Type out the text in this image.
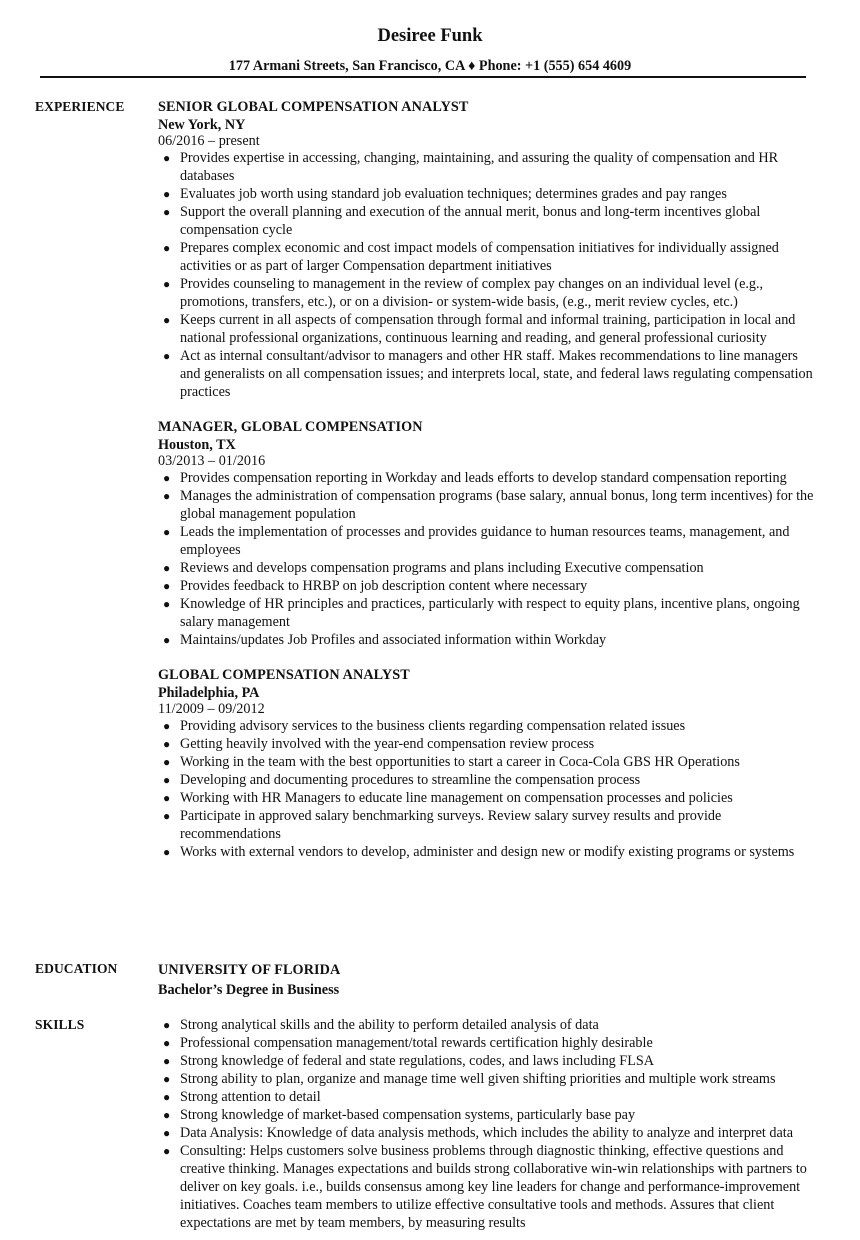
Desiree Funk
177 Armani Streets, San Francisco, CA ♦ Phone: +1 (555) 654 4609
EXPERIENCE SENIOR GLOBAL COMPENSATION ANALYST
New York, NY
06/2016 – present
● Provides expertise in accessing, changing, maintaining, and assuring the quality of compensation and HR databases
● Evaluates job worth using standard job evaluation techniques; determines grades and pay ranges
● Support the overall planning and execution of the annual merit, bonus and long-term incentives global compensation cycle
● Prepares complex economic and cost impact models of compensation initiatives for individually assigned activities or as part of larger Compensation department initiatives
● Provides counseling to management in the review of complex pay changes on an individual level (e.g., promotions, transfers, etc.), or on a division- or system-wide basis, (e.g., merit review cycles, etc.)
● Keeps current in all aspects of compensation through formal and informal training, participation in local and national professional organizations, continuous learning and reading, and general professional curiosity
● Act as internal consultant/advisor to managers and other HR staff. Makes recommendations to line managers and generalists on all compensation issues; and interprets local, state, and federal laws regulating compensation practices
MANAGER, GLOBAL COMPENSATION
Houston, TX
03/2013 – 01/2016
● Provides compensation reporting in Workday and leads efforts to develop standard compensation reporting
● Manages the administration of compensation programs (base salary, annual bonus, long term incentives) for the global management population
● Leads the implementation of processes and provides guidance to human resources teams, management, and employees
● Reviews and develops compensation programs and plans including Executive compensation
● Provides feedback to HRBP on job description content where necessary
● Knowledge of HR principles and practices, particularly with respect to equity plans, incentive plans, ongoing salary management
● Maintains/updates Job Profiles and associated information within Workday
GLOBAL COMPENSATION ANALYST
Philadelphia, PA
11/2009 – 09/2012
● Providing advisory services to the business clients regarding compensation related issues
● Getting heavily involved with the year-end compensation review process
● Working in the team with the best opportunities to start a career in Coca-Cola GBS HR Operations
● Developing and documenting procedures to streamline the compensation process
● Working with HR Managers to educate line management on compensation processes and policies
● Participate in approved salary benchmarking surveys. Review salary survey results and provide recommendations
● Works with external vendors to develop, administer and design new or modify existing programs or systems
EDUCATION	UNIVERSITY OF FLORIDA
Bachelor’s Degree in Business
SKILLS	● Strong analytical skills and the ability to perform detailed analysis of data
● Professional compensation management/total rewards certification highly desirable
● Strong knowledge of federal and state regulations, codes, and laws including FLSA
● Strong ability to plan, organize and manage time well given shifting priorities and multiple work streams
● Strong attention to detail
● Strong knowledge of market-based compensation systems, particularly base pay
● Data Analysis: Knowledge of data analysis methods, which includes the ability to analyze and interpret data
● Consulting: Helps customers solve business problems through diagnostic thinking, effective questions and creative thinking. Manages expectations and builds strong collaborative win-win relationships with partners to deliver on key goals. i.e., builds consensus among key line leaders for change and performance-improvement initiatives. Coaches team members to utilize effective consultative tools and methods. Assures that client expectations are met by team members, by measuring results
